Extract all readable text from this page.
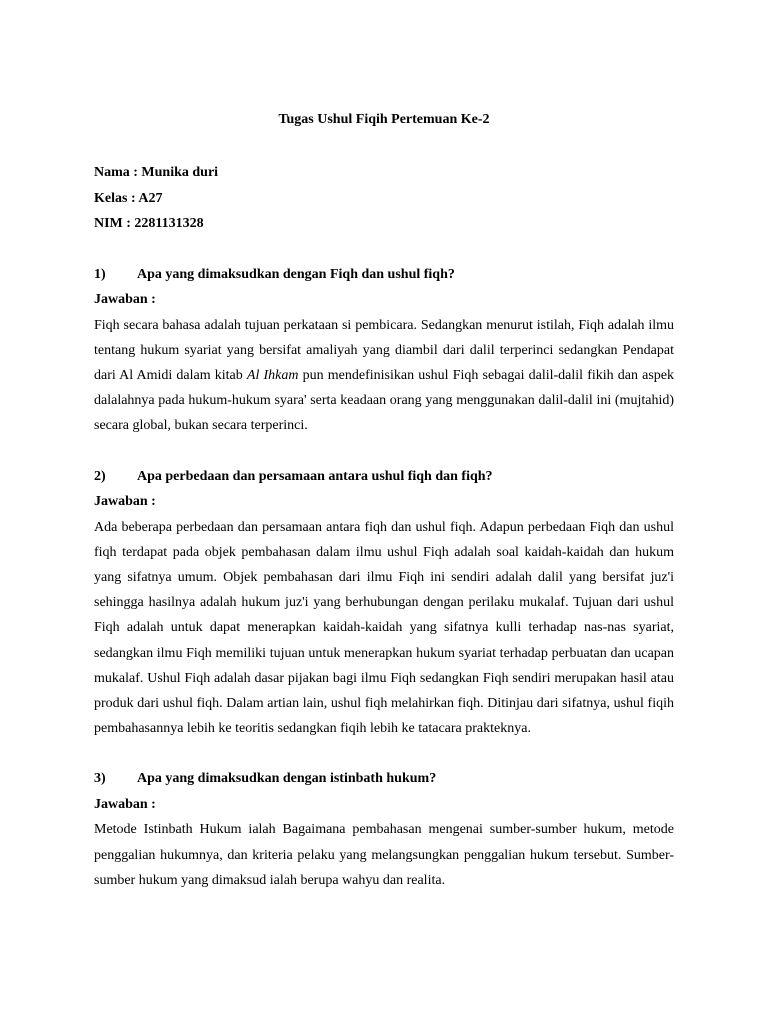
Tugas Ushul Fiqih Pertemuan Ke-2

Nama : Munika duri

Kelas : A27

NIM : 2281131328

1)	Apa yang dimaksudkan dengan Fiqh dan ushul fiqh?

Jawaban :

Fiqh secara bahasa adalah tujuan perkataan si pembicara. Sedangkan menurut istilah, Fiqh adalah ilmu tentang hukum syariat yang bersifat amaliyah yang diambil dari dalil terperinci sedangkan Pendapat dari Al Amidi dalam kitab Al Ihkam pun mendefinisikan ushul Fiqh sebagai dalil-dalil fikih dan aspek dalalahnya pada hukum-hukum syara' serta keadaan orang yang menggunakan dalil-dalil ini (mujtahid) secara global, bukan secara terperinci.

2)	Apa perbedaan dan persamaan antara ushul fiqh dan fiqh?

Jawaban :

Ada beberapa perbedaan dan persamaan antara fiqh dan ushul fiqh. Adapun perbedaan Fiqh dan ushul fiqh terdapat pada objek pembahasan dalam ilmu ushul Fiqh adalah soal kaidah-kaidah dan hukum yang sifatnya umum. Objek pembahasan dari ilmu Fiqh ini sendiri adalah dalil yang bersifat juz'i sehingga hasilnya adalah hukum juz'i yang berhubungan dengan perilaku mukalaf. Tujuan dari ushul Fiqh adalah untuk dapat menerapkan kaidah-kaidah yang sifatnya kulli terhadap nas-nas syariat, sedangkan ilmu Fiqh memiliki tujuan untuk menerapkan hukum syariat terhadap perbuatan dan ucapan mukalaf. Ushul Fiqh adalah dasar pijakan bagi ilmu Fiqh sedangkan Fiqh sendiri merupakan hasil atau produk dari ushul fiqh. Dalam artian lain, ushul fiqh melahirkan fiqh. Ditinjau dari sifatnya, ushul fiqih pembahasannya lebih ke teoritis sedangkan fiqih lebih ke tatacara prakteknya.

3)	Apa yang dimaksudkan dengan istinbath hukum?

Jawaban :

Metode Istinbath Hukum ialah Bagaimana pembahasan mengenai sumber-sumber hukum, metode penggalian hukumnya, dan kriteria pelaku yang melangsungkan penggalian hukum tersebut. Sumber-sumber hukum yang dimaksud ialah berupa wahyu dan realita.
